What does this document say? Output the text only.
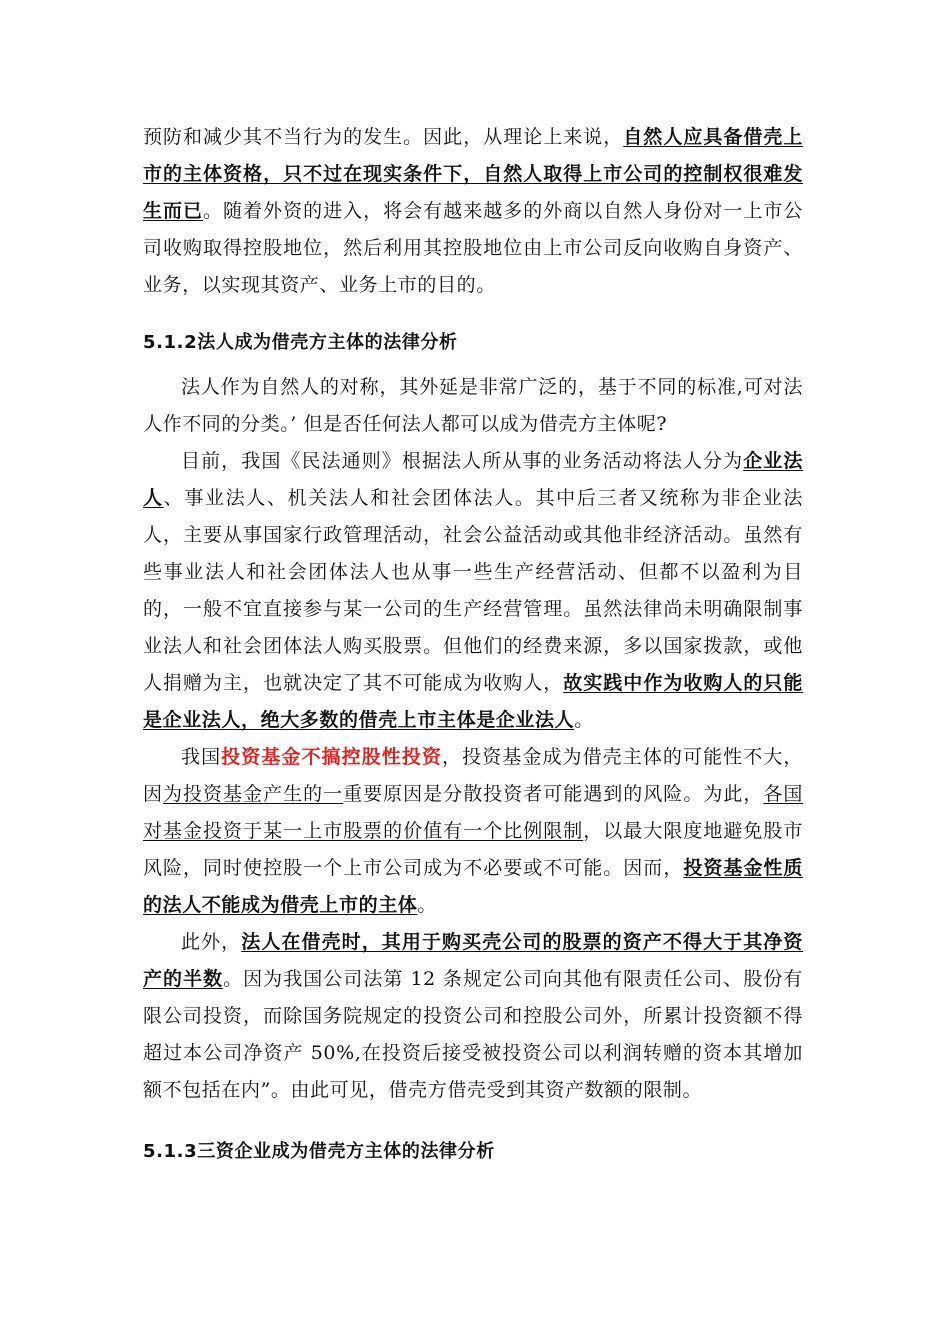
预防和减少其不当行为的发生。因此，从理论上来说，自然人应具备借壳上市的主体资格，只不过在现实条件下，自然人取得上市公司的控制权很难发生而已。随着外资的进入，将会有越来越多的外商以自然人身份对一上市公司收购取得控股地位，然后利用其控股地位由上市公司反向收购自身资产、业务，以实现其资产、业务上市的目的。

5.1.2法人成为借壳方主体的法律分析

法人作为自然人的对称，其外延是非常广泛的，基于不同的标准,可对法人作不同的分类。’ 但是否任何法人都可以成为借壳方主体呢?

目前，我国《民法通则》根据法人所从事的业务活动将法人分为企业法人、事业法人、机关法人和社会团体法人。其中后三者又统称为非企业法人，主要从事国家行政管理活动，社会公益活动或其他非经济活动。虽然有些事业法人和社会团体法人也从事一些生产经营活动、但都不以盈利为目的，一般不宜直接参与某一公司的生产经营管理。虽然法律尚未明确限制事业法人和社会团体法人购买股票。但他们的经费来源，多以国家拨款，或他人捐赠为主，也就决定了其不可能成为收购人，故实践中作为收购人的只能是企业法人，绝大多数的借壳上市主体是企业法人。

我国投资基金不搞控股性投资，投资基金成为借壳主体的可能性不大，因为投资基金产生的一重要原因是分散投资者可能遇到的风险。为此，各国对基金投资于某一上市股票的价值有一个比例限制，以最大限度地避免股市风险，同时使控股一个上市公司成为不必要或不可能。因而，投资基金性质的法人不能成为借壳上市的主体。

此外，法人在借壳时，其用于购买壳公司的股票的资产不得大于其净资产的半数。因为我国公司法第 12 条规定公司向其他有限责任公司、股份有限公司投资，而除国务院规定的投资公司和控股公司外，所累计投资额不得超过本公司净资产 50%,在投资后接受被投资公司以利润转赠的资本其增加额不包括在内”。由此可见，借壳方借壳受到其资产数额的限制。

5.1.3三资企业成为借壳方主体的法律分析
